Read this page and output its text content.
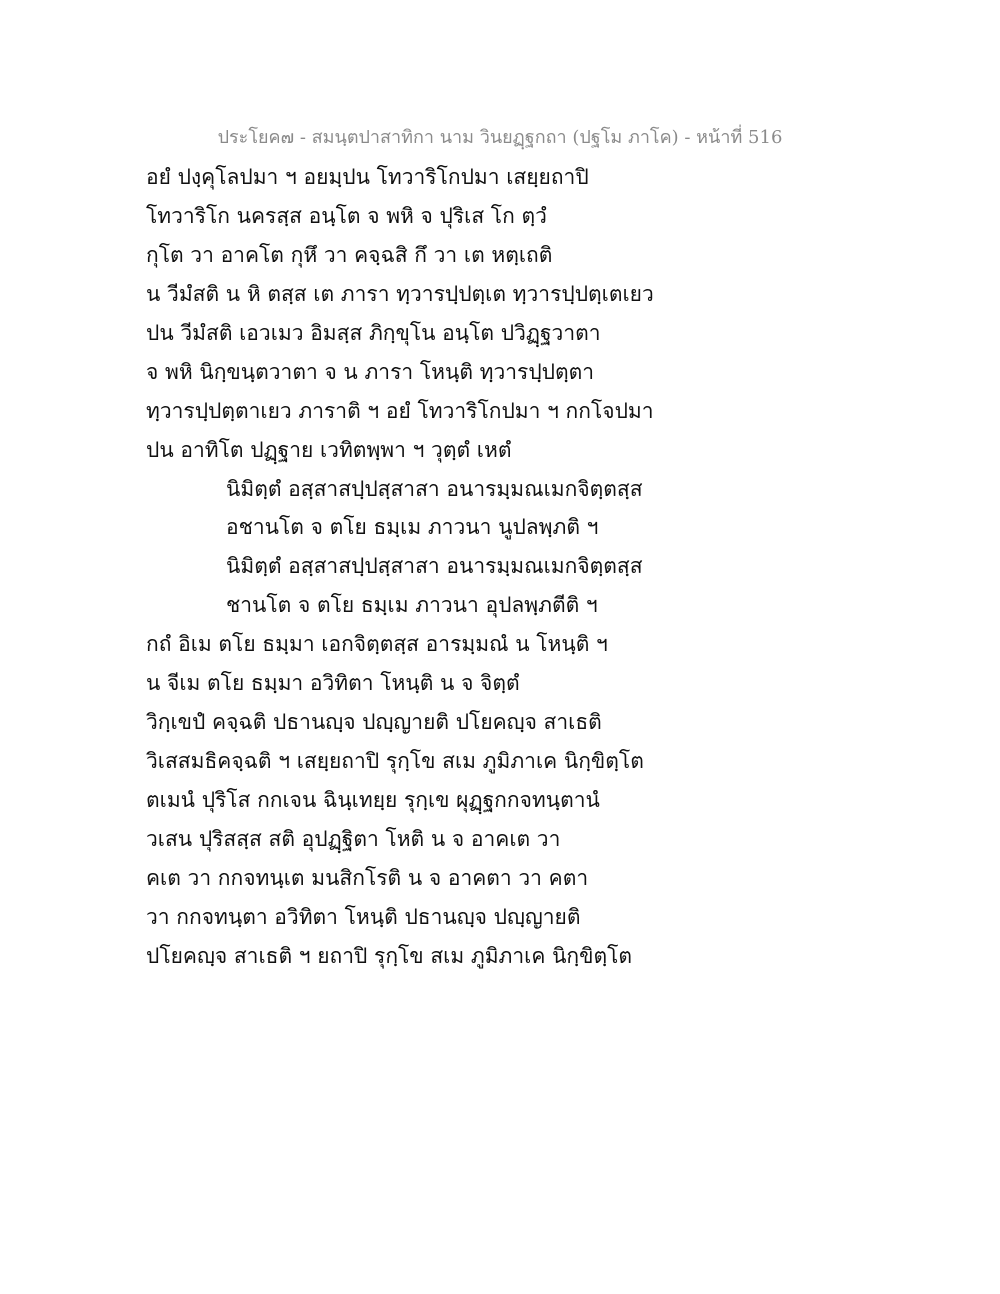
ประโยค๗ - สมนฺตปาสาทิกา นาม วินยฏฺฐกถา (ปฐโม ภาโค) - หน้าที่ 516
อยํ ปงฺคุโลปมา ฯ อยมฺปน โทวาริโกปมา เสยฺยถาปิ
โทวาริโก นครสฺส อนฺโต จ พหิ จ ปุริเส โก ตฺวํ
กุโต วา อาคโต กุหึ วา คจฺฉสิ กึ วา เต หตฺเถติ
น วีมํสติ น หิ ตสฺส เต ภารา ทฺวารปฺปตฺเต ทฺวารปฺปตฺเตเยว
ปน วีมํสติ เอวเมว อิมสฺส ภิกฺขุโน อนฺโต ปวิฏฺฐวาตา
จ พหิ นิกฺขนฺตวาตา จ น ภารา โหนฺติ ทฺวารปฺปตฺตา
ทฺวารปฺปตฺตาเยว ภาราติ ฯ อยํ โทวาริโกปมา ฯ กกโจปมา
ปน อาทิโต ปฏฺฐาย เวทิตพฺพา ฯ วุตฺตํ เหตํ
นิมิตฺตํ อสฺสาสปฺปสฺสาสา อนารมฺมณเมกจิตฺตสฺส
อชานโต จ ตโย ธมฺเม ภาวนา นูปลพฺภติ ฯ
นิมิตฺตํ อสฺสาสปฺปสฺสาสา อนารมฺมณเมกจิตฺตสฺส
ชานโต จ ตโย ธมฺเม ภาวนา อุปลพฺภตีติ ฯ
กถํ อิเม ตโย ธมฺมา เอกจิตฺตสฺส อารมฺมณํ น โหนฺติ ฯ
น จีเม ตโย ธมฺมา อวิทิตา โหนฺติ น จ จิตฺตํ
วิกฺเขปํ คจฺฉติ ปธานญฺจ ปญฺญายติ ปโยคญฺจ สาเธติ
วิเสสมธิคจฺฉติ ฯ เสยฺยถาปิ รุกฺโข สเม ภูมิภาเค นิกฺขิตฺโต
ตเมนํ ปุริโส กกเจน ฉินฺเทยฺย รุกฺเข ผุฏฺฐกกจทนฺตานํ
วเสน ปุริสสฺส สติ อุปฏฺฐิตา โหติ น จ อาคเต วา
คเต วา กกจทนฺเต มนสิกโรติ น จ อาคตา วา คตา
วา กกจทนฺตา อวิทิตา โหนฺติ ปธานญฺจ ปญฺญายติ
ปโยคญฺจ สาเธติ ฯ ยถาปิ รุกฺโข สเม ภูมิภาเค นิกฺขิตฺโต
